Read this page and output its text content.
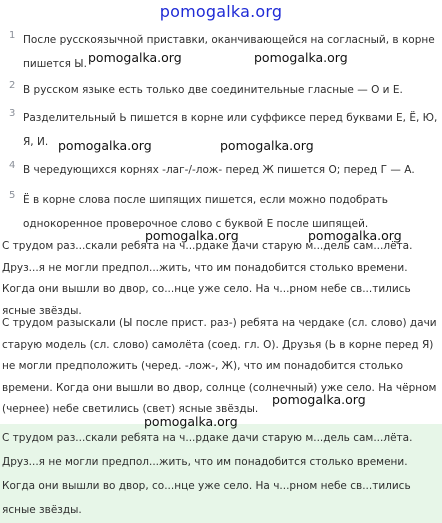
pomogalka.org
1 После русскоязычной приставки, оканчивающейся на согласный, в корне пишется Ы.
2 В русском языке есть только две соединительные гласные — О и Е.
3 Разделительный Ь пишется в корне или суффиксе перед буквами Е, Ё, Ю, Я, И.
4 В чередующихся корнях -лаг-/-лож- перед Ж пишется О; перед Г — А.
5 Ё в корне слова после шипящих пишется, если можно подобрать однокоренное проверочное слово с буквой Е после шипящей.
С трудом раз...скали ребята на ч...рдаке дачи старую м...дель сам...лёта. Друз...я не могли предпол...жить, что им понадобится столько времени. Когда они вышли во двор, со...нце уже село. На ч...рном небе св...тились ясные звёзды.
С трудом разыскали (Ы после прист. раз-) ребята на чердаке (сл. слово) дачи старую модель (сл. слово) самолёта (соед. гл. О). Друзья (Ь в корне перед Я) не могли предположить (черед. -лож-, Ж), что им понадобится столько времени. Когда они вышли во двор, солнце (солнечный) уже село. На чёрном (чернее) небе светились (свет) ясные звёзды.
С трудом раз...скали ребята на ч...рдаке дачи старую м...дель сам...лёта. Друз...я не могли предпол...жить, что им понадобится столько времени. Когда они вышли во двор, со...нце уже село. На ч...рном небе св...тились ясные звёзды.
pomogalka.org	pomogalka.org
pomogalka.org	pomogalka.org
pomogalka.org	pomogalka.org
pomogalka.org
pomogalka.org
